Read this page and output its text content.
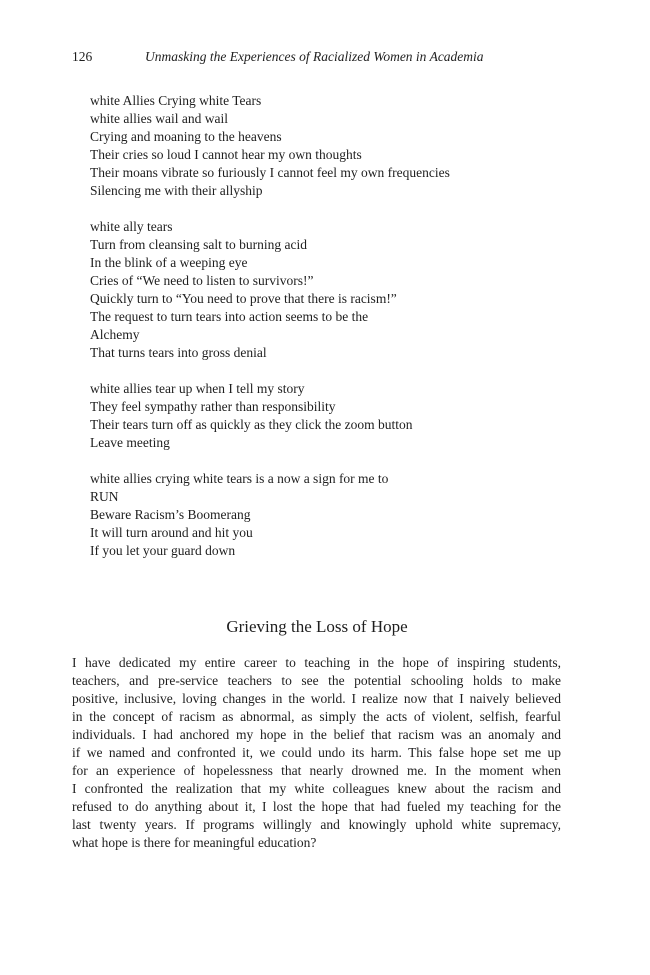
126	Unmasking the Experiences of Racialized Women in Academia
white Allies Crying white Tears
white allies wail and wail
Crying and moaning to the heavens
Their cries so loud I cannot hear my own thoughts
Their moans vibrate so furiously I cannot feel my own frequencies
Silencing me with their allyship
white ally tears
Turn from cleansing salt to burning acid
In the blink of a weeping eye
Cries of “We need to listen to survivors!”
Quickly turn to “You need to prove that there is racism!”
The request to turn tears into action seems to be the
Alchemy
That turns tears into gross denial
white allies tear up when I tell my story
They feel sympathy rather than responsibility
Their tears turn off as quickly as they click the zoom button
Leave meeting
white allies crying white tears is a now a sign for me to
RUN
Beware Racism’s Boomerang
It will turn around and hit you
If you let your guard down
Grieving the Loss of Hope

I have dedicated my entire career to teaching in the hope of inspiring students,
teachers, and pre-service teachers to see the potential schooling holds to make
positive, inclusive, loving changes in the world. I realize now that I naively believed
in the concept of racism as abnormal, as simply the acts of violent, selfish, fearful
individuals. I had anchored my hope in the belief that racism was an anomaly and
if we named and confronted it, we could undo its harm. This false hope set me up
for an experience of hopelessness that nearly drowned me. In the moment when
I confronted the realization that my white colleagues knew about the racism and
refused to do anything about it, I lost the hope that had fueled my teaching for the
last twenty years. If programs willingly and knowingly uphold white supremacy,
what hope is there for meaningful education?
